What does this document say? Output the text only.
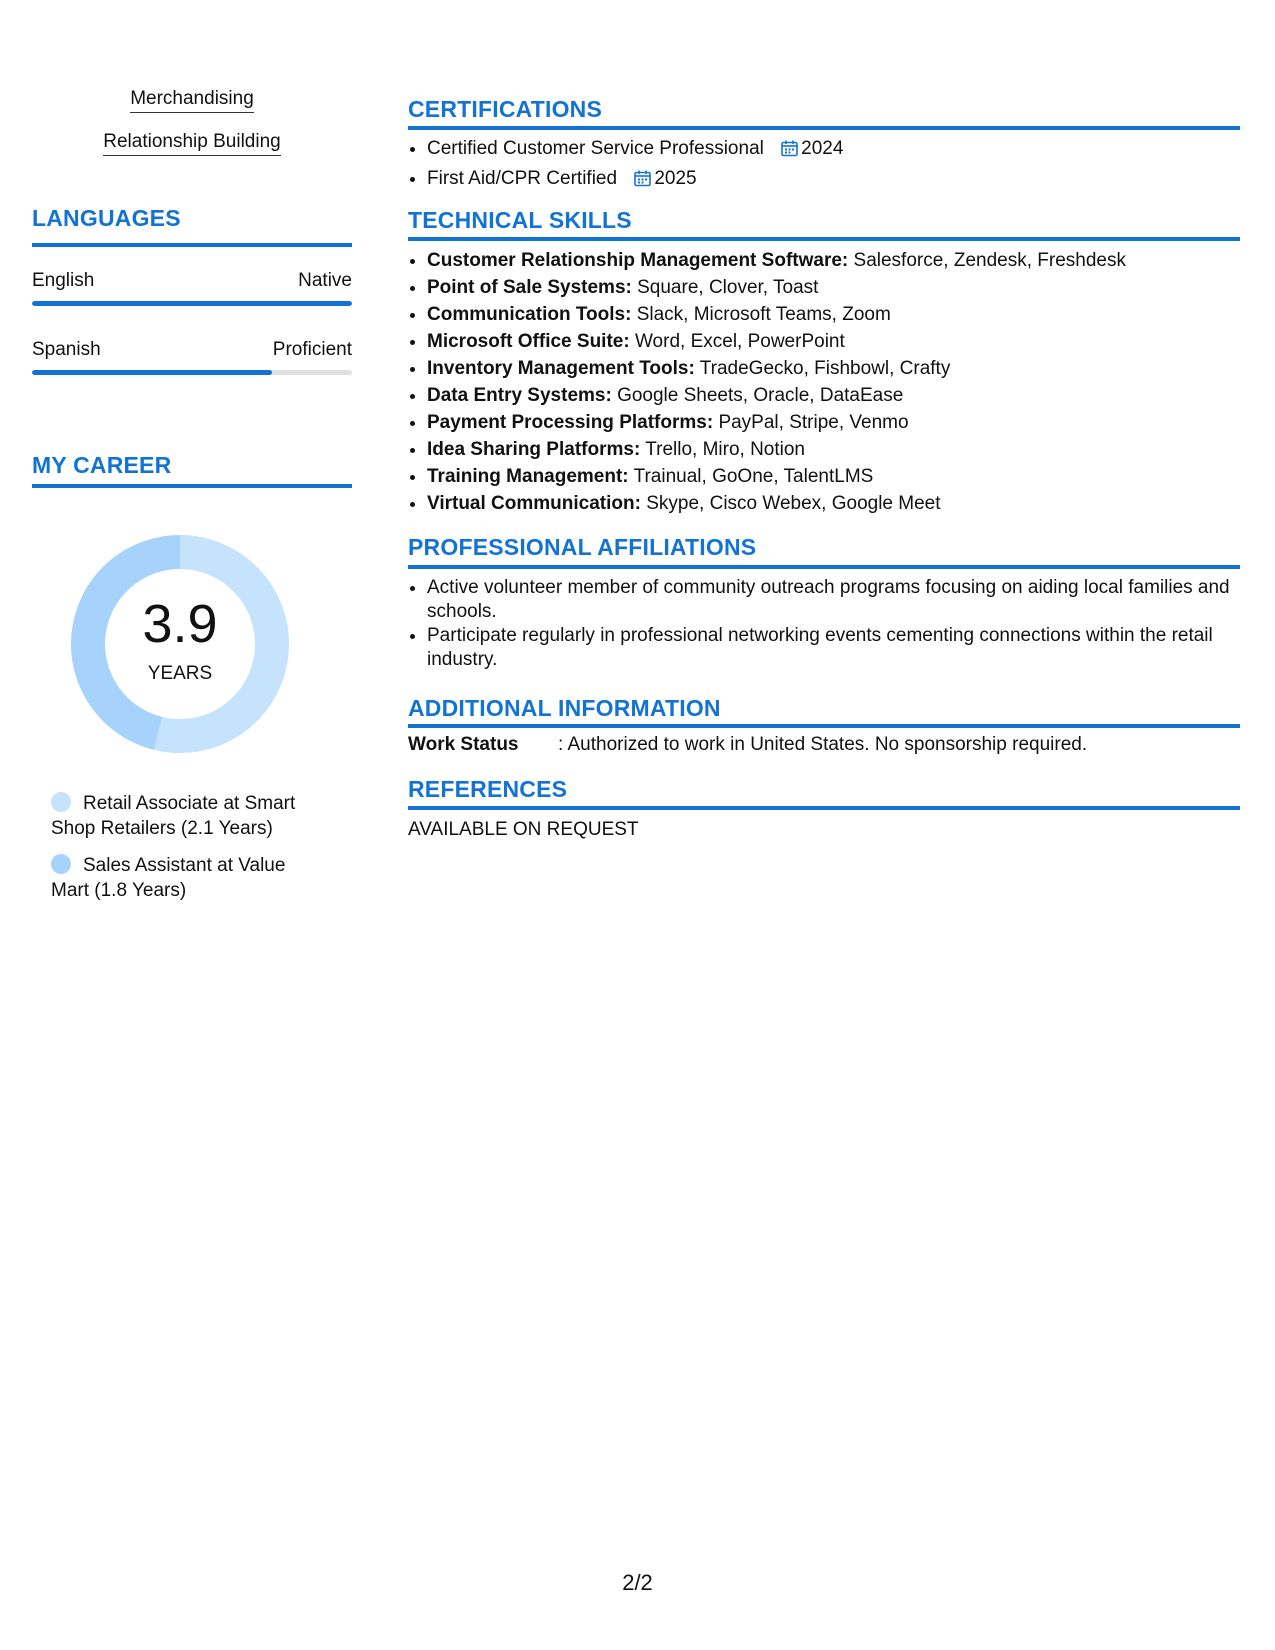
Merchandising
Relationship Building
LANGUAGES
English	Native
Spanish	Proficient
MY CAREER
3.9
YEARS
Retail Associate at Smart Shop Retailers (2.1 Years)
Sales Assistant at Value Mart (1.8 Years)
CERTIFICATIONS
• Certified Customer Service Professional 2024
• First Aid/CPR Certified 2025
TECHNICAL SKILLS
• Customer Relationship Management Software: Salesforce, Zendesk, Freshdesk
• Point of Sale Systems: Square, Clover, Toast
• Communication Tools: Slack, Microsoft Teams, Zoom
• Microsoft Office Suite: Word, Excel, PowerPoint
• Inventory Management Tools: TradeGecko, Fishbowl, Crafty
• Data Entry Systems: Google Sheets, Oracle, DataEase
• Payment Processing Platforms: PayPal, Stripe, Venmo
• Idea Sharing Platforms: Trello, Miro, Notion
• Training Management: Trainual, GoOne, TalentLMS
• Virtual Communication: Skype, Cisco Webex, Google Meet
PROFESSIONAL AFFILIATIONS
• Active volunteer member of community outreach programs focusing on aiding local families and schools.
• Participate regularly in professional networking events cementing connections within the retail industry.
ADDITIONAL INFORMATION
Work Status : Authorized to work in United States. No sponsorship required.
REFERENCES
AVAILABLE ON REQUEST
2/2
